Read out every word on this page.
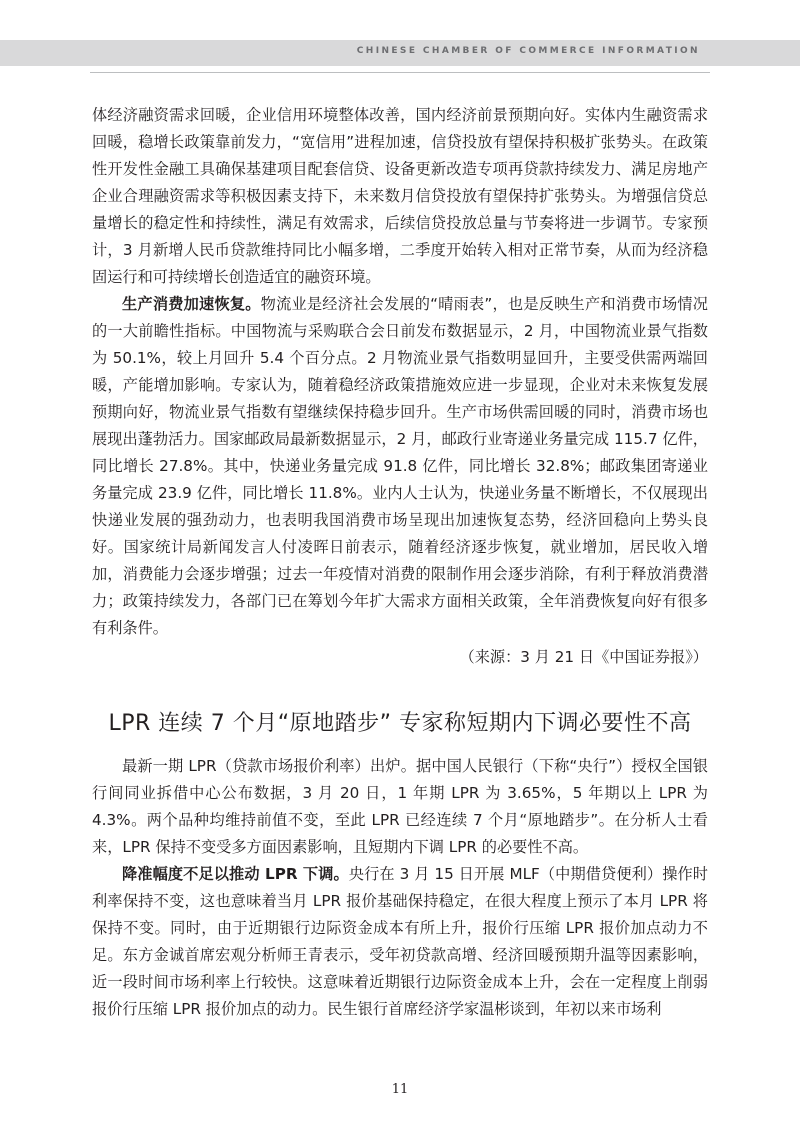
CHINESE CHAMBER OF COMMERCE INFORMATION

体经济融资需求回暖，企业信用环境整体改善，国内经济前景预期向好。实体内生融资需求回暖，稳增长政策靠前发力，“宽信用”进程加速，信贷投放有望保持积极扩张势头。在政策性开发性金融工具确保基建项目配套信贷、设备更新改造专项再贷款持续发力、满足房地产企业合理融资需求等积极因素支持下，未来数月信贷投放有望保持扩张势头。为增强信贷总量增长的稳定性和持续性，满足有效需求，后续信贷投放总量与节奏将进一步调节。专家预计，3 月新增人民币贷款维持同比小幅多增，二季度开始转入相对正常节奏，从而为经济稳固运行和可持续增长创造适宜的融资环境。

生产消费加速恢复。物流业是经济社会发展的“晴雨表”，也是反映生产和消费市场情况的一大前瞻性指标。中国物流与采购联合会日前发布数据显示，2 月，中国物流业景气指数为 50.1%，较上月回升 5.4 个百分点。2 月物流业景气指数明显回升，主要受供需两端回暖，产能增加影响。专家认为，随着稳经济政策措施效应进一步显现，企业对未来恢复发展预期向好，物流业景气指数有望继续保持稳步回升。生产市场供需回暖的同时，消费市场也展现出蓬勃活力。国家邮政局最新数据显示，2 月，邮政行业寄递业务量完成 115.7 亿件，同比增长 27.8%。其中，快递业务量完成 91.8 亿件，同比增长 32.8%；邮政集团寄递业务量完成 23.9 亿件，同比增长 11.8%。业内人士认为，快递业务量不断增长，不仅展现出快递业发展的强劲动力，也表明我国消费市场呈现出加速恢复态势，经济回稳向上势头良好。国家统计局新闻发言人付凌晖日前表示，随着经济逐步恢复，就业增加，居民收入增加，消费能力会逐步增强；过去一年疫情对消费的限制作用会逐步消除，有利于释放消费潜力；政策持续发力，各部门已在筹划今年扩大需求方面相关政策，全年消费恢复向好有很多有利条件。

（来源：3 月 21 日《中国证券报》）
LPR 连续 7 个月“原地踏步” 专家称短期内下调必要性不高

最新一期 LPR（贷款市场报价利率）出炉。据中国人民银行（下称“央行”）授权全国银行间同业拆借中心公布数据，3 月 20 日，1 年期 LPR 为 3.65%，5 年期以上 LPR 为 4.3%。两个品种均维持前值不变，至此 LPR 已经连续 7 个月“原地踏步”。在分析人士看来，LPR 保持不变受多方面因素影响，且短期内下调 LPR 的必要性不高。

降准幅度不足以推动 LPR 下调。央行在 3 月 15 日开展 MLF（中期借贷便利）操作时利率保持不变，这也意味着当月 LPR 报价基础保持稳定，在很大程度上预示了本月 LPR 将保持不变。同时，由于近期银行边际资金成本有所上升，报价行压缩 LPR 报价加点动力不足。东方金诚首席宏观分析师王青表示，受年初贷款高增、经济回暖预期升温等因素影响，近一段时间市场利率上行较快。这意味着近期银行边际资金成本上升，会在一定程度上削弱报价行压缩 LPR 报价加点的动力。民生银行首席经济学家温彬谈到，年初以来市场利

11
